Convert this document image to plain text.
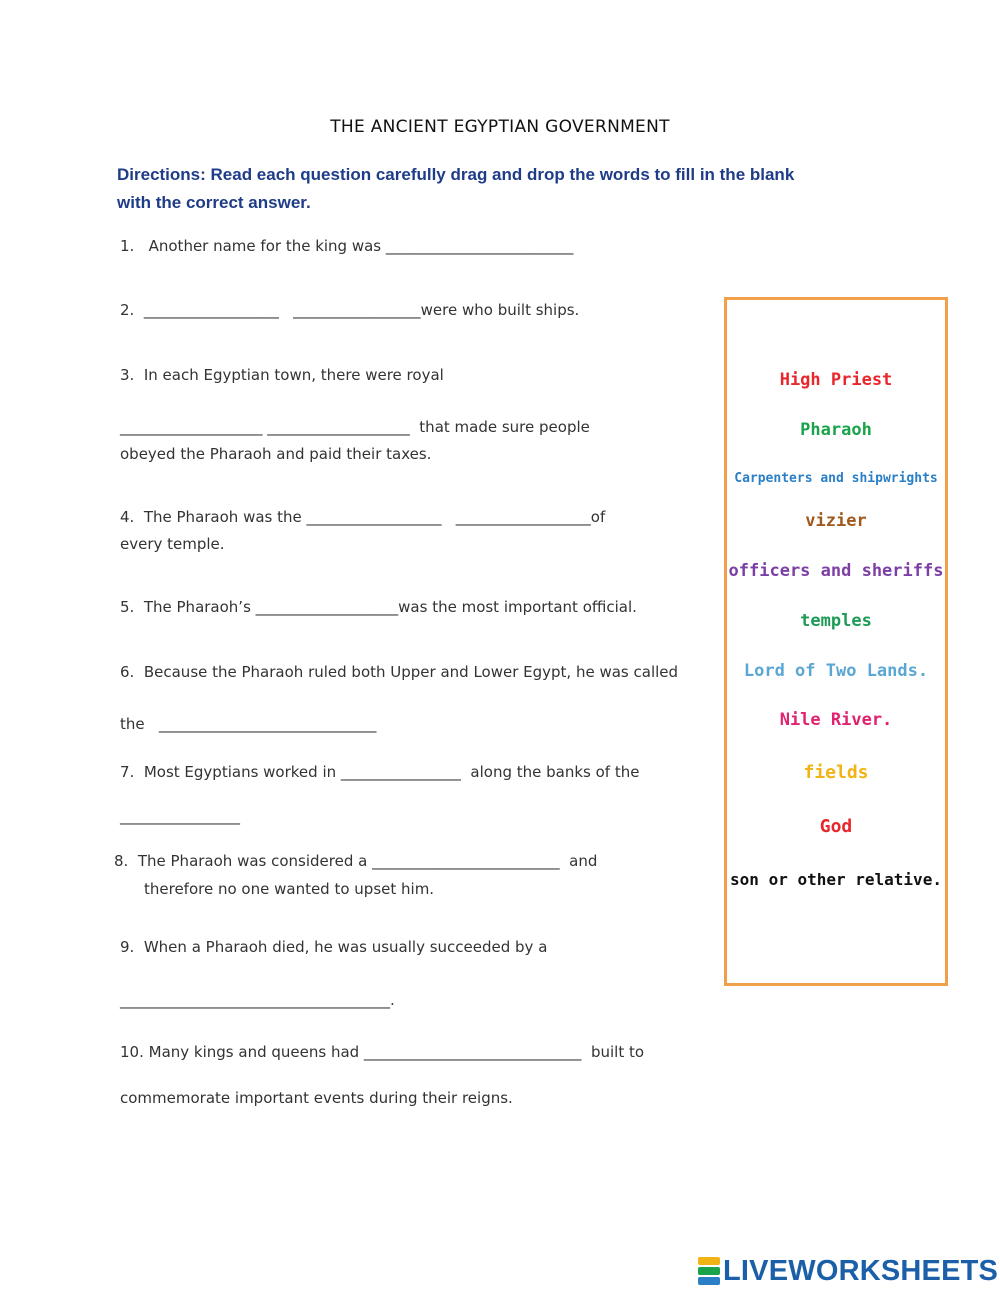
THE ANCIENT EGYPTIAN GOVERNMENT
Directions: Read each question carefully drag and drop the words to fill in the blank
with the correct answer.
1.   Another name for the king was _________________________
2.  __________________   _________________were who built ships.
3.  In each Egyptian town, there were royal
___________________ ___________________  that made sure people
obeyed the Pharaoh and paid their taxes.
4.  The Pharaoh was the __________________   __________________of
every temple.
5.  The Pharaoh’s ___________________was the most important official.
6.  Because the Pharaoh ruled both Upper and Lower Egypt, he was called
the   _____________________________
7.  Most Egyptians worked in ________________  along the banks of the
________________
8.  The Pharaoh was considered a _________________________  and
therefore no one wanted to upset him.
9.  When a Pharaoh died, he was usually succeeded by a
____________________________________.
10. Many kings and queens had _____________________________  built to
commemorate important events during their reigns.
High Priest
Pharaoh
Carpenters and shipwrights
vizier
officers and sheriffs
temples
Lord of Two Lands.
Nile River.
fields
God
son or other relative.
LIVEWORKSHEETS
